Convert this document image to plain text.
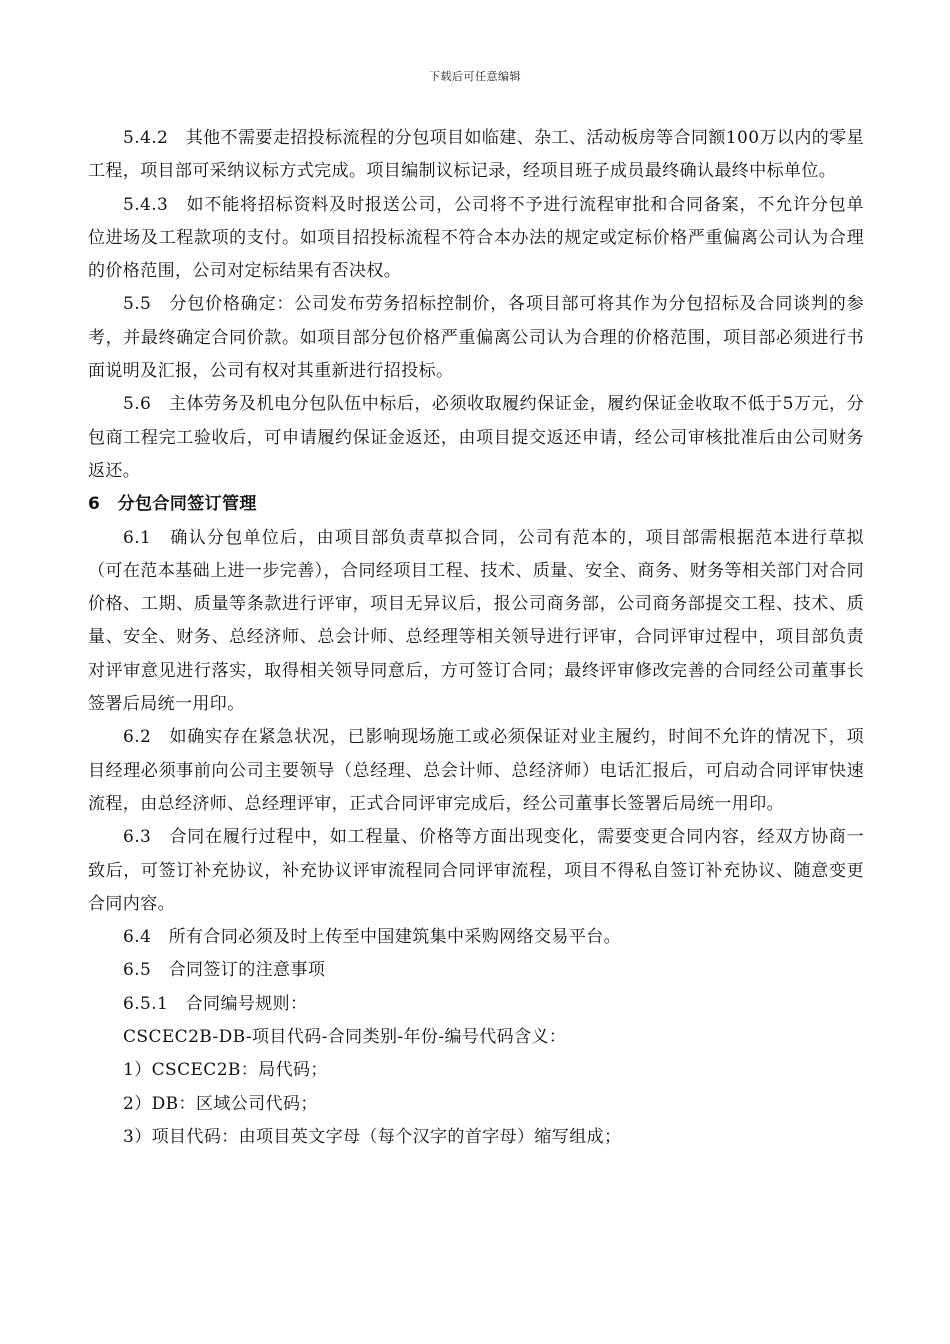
下载后可任意编辑

5.4.2　其他不需要走招投标流程的分包项目如临建、杂工、活动板房等合同额100万以内的零星工程，项目部可采纳议标方式完成。项目编制议标记录，经项目班子成员最终确认最终中标单位。

5.4.3　如不能将招标资料及时报送公司，公司将不予进行流程审批和合同备案，不允许分包单位进场及工程款项的支付。如项目招投标流程不符合本办法的规定或定标价格严重偏离公司认为合理的价格范围，公司对定标结果有否决权。

5.5　分包价格确定：公司发布劳务招标控制价，各项目部可将其作为分包招标及合同谈判的参考，并最终确定合同价款。如项目部分包价格严重偏离公司认为合理的价格范围，项目部必须进行书面说明及汇报，公司有权对其重新进行招投标。

5.6　主体劳务及机电分包队伍中标后，必须收取履约保证金，履约保证金收取不低于5万元，分包商工程完工验收后，可申请履约保证金返还，由项目提交返还申请，经公司审核批准后由公司财务返还。

6　分包合同签订管理

6.1　确认分包单位后，由项目部负责草拟合同，公司有范本的，项目部需根据范本进行草拟（可在范本基础上进一步完善），合同经项目工程、技术、质量、安全、商务、财务等相关部门对合同价格、工期、质量等条款进行评审，项目无异议后，报公司商务部，公司商务部提交工程、技术、质量、安全、财务、总经济师、总会计师、总经理等相关领导进行评审，合同评审过程中，项目部负责对评审意见进行落实，取得相关领导同意后，方可签订合同；最终评审修改完善的合同经公司董事长签署后局统一用印。

6.2　如确实存在紧急状况，已影响现场施工或必须保证对业主履约，时间不允许的情况下，项目经理必须事前向公司主要领导（总经理、总会计师、总经济师）电话汇报后，可启动合同评审快速流程，由总经济师、总经理评审，正式合同评审完成后，经公司董事长签署后局统一用印。

6.3　合同在履行过程中，如工程量、价格等方面出现变化，需要变更合同内容，经双方协商一致后，可签订补充协议，补充协议评审流程同合同评审流程，项目不得私自签订补充协议、随意变更合同内容。

6.4　所有合同必须及时上传至中国建筑集中采购网络交易平台。

6.5　合同签订的注意事项

6.5.1　合同编号规则：

CSCEC2B-DB-项目代码-合同类别-年份-编号代码含义：

1）CSCEC2B：局代码；

2）DB：区域公司代码；

3）项目代码：由项目英文字母（每个汉字的首字母）缩写组成；
